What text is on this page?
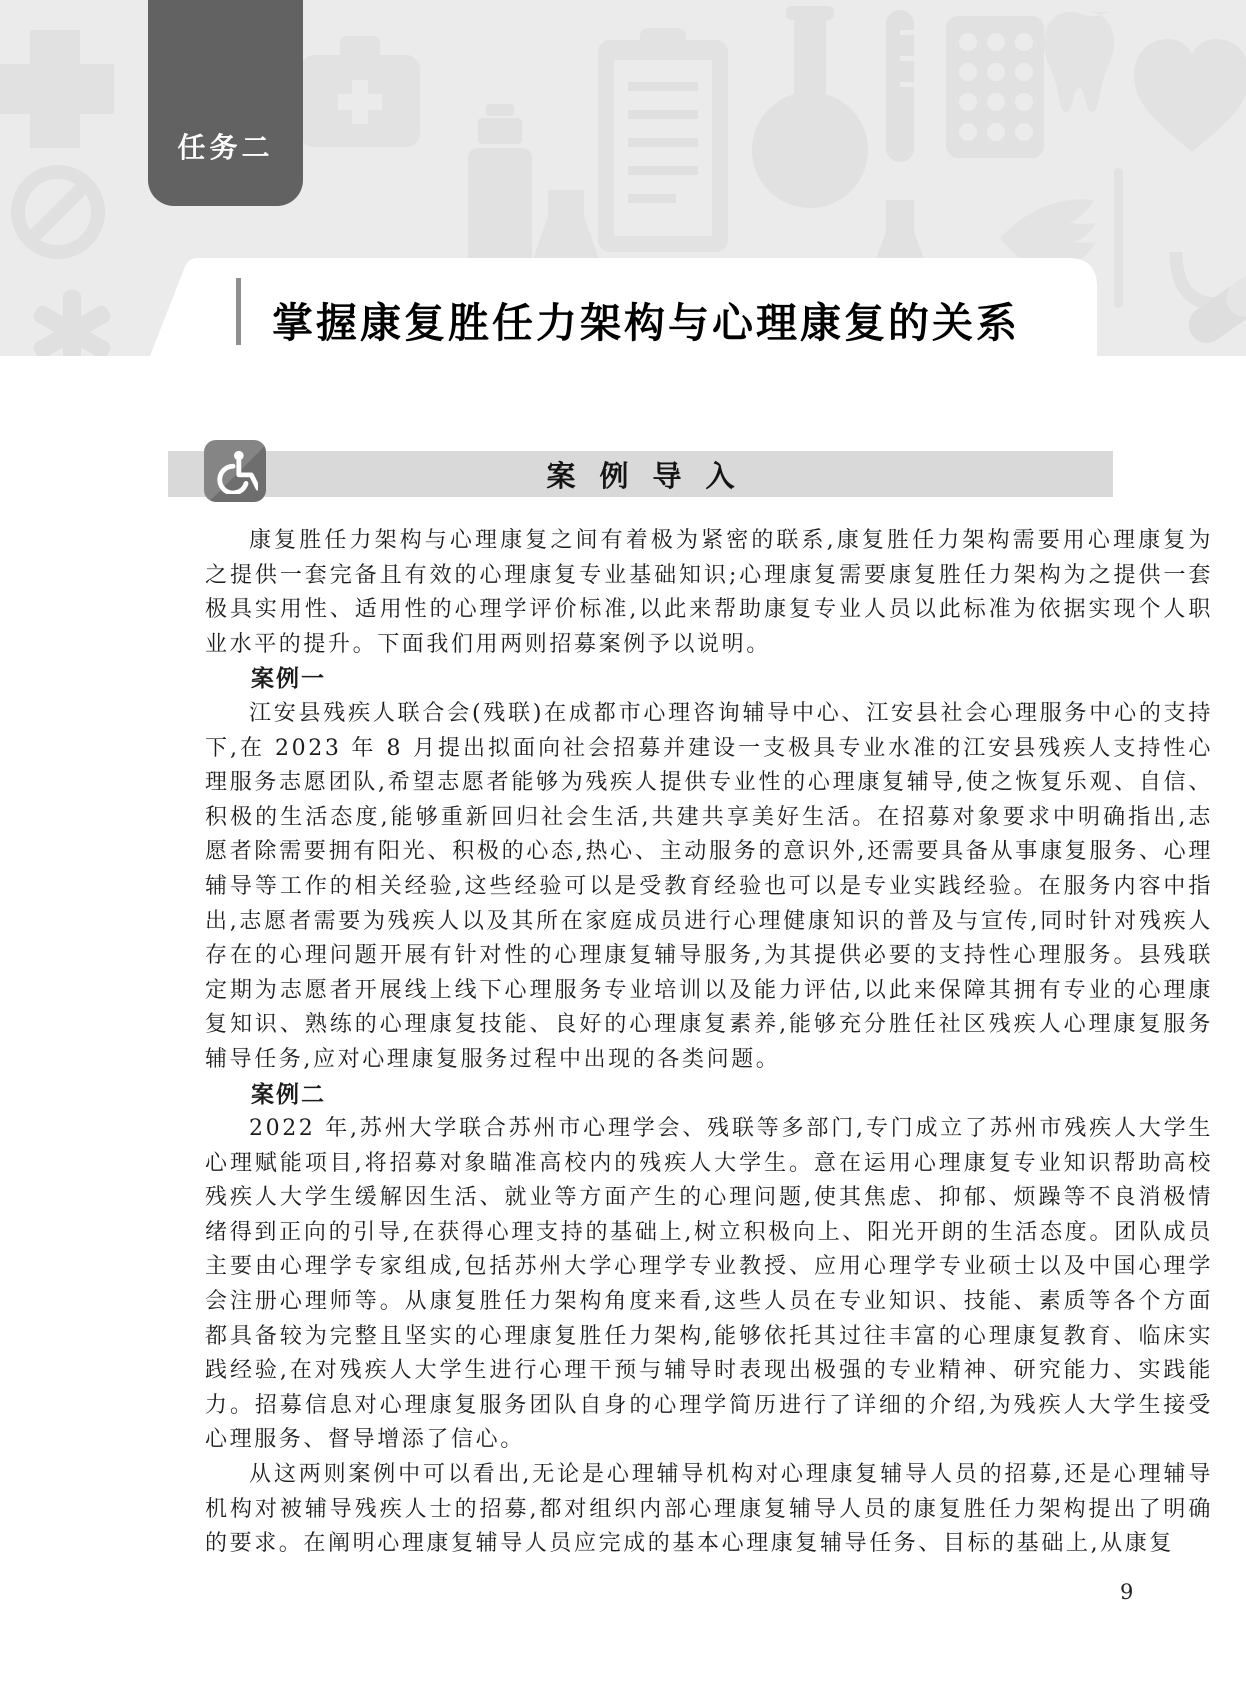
任务二
掌握康复胜任力架构与心理康复的关系
案例导入

康复胜任力架构与心理康复之间有着极为紧密的联系,康复胜任力架构需要用心理康复为之提供一套完备且有效的心理康复专业基础知识;心理康复需要康复胜任力架构为之提供一套极具实用性、适用性的心理学评价标准,以此来帮助康复专业人员以此标准为依据实现个人职业水平的提升。下面我们用两则招募案例予以说明。

案例一

江安县残疾人联合会(残联)在成都市心理咨询辅导中心、江安县社会心理服务中心的支持下,在 2023 年 8 月提出拟面向社会招募并建设一支极具专业水准的江安县残疾人支持性心理服务志愿团队,希望志愿者能够为残疾人提供专业性的心理康复辅导,使之恢复乐观、自信、积极的生活态度,能够重新回归社会生活,共建共享美好生活。在招募对象要求中明确指出,志愿者除需要拥有阳光、积极的心态,热心、主动服务的意识外,还需要具备从事康复服务、心理辅导等工作的相关经验,这些经验可以是受教育经验也可以是专业实践经验。在服务内容中指出,志愿者需要为残疾人以及其所在家庭成员进行心理健康知识的普及与宣传,同时针对残疾人存在的心理问题开展有针对性的心理康复辅导服务,为其提供必要的支持性心理服务。县残联定期为志愿者开展线上线下心理服务专业培训以及能力评估,以此来保障其拥有专业的心理康复知识、熟练的心理康复技能、良好的心理康复素养,能够充分胜任社区残疾人心理康复服务辅导任务,应对心理康复服务过程中出现的各类问题。

案例二

2022 年,苏州大学联合苏州市心理学会、残联等多部门,专门成立了苏州市残疾人大学生心理赋能项目,将招募对象瞄准高校内的残疾人大学生。意在运用心理康复专业知识帮助高校残疾人大学生缓解因生活、就业等方面产生的心理问题,使其焦虑、抑郁、烦躁等不良消极情绪得到正向的引导,在获得心理支持的基础上,树立积极向上、阳光开朗的生活态度。团队成员主要由心理学专家组成,包括苏州大学心理学专业教授、应用心理学专业硕士以及中国心理学会注册心理师等。从康复胜任力架构角度来看,这些人员在专业知识、技能、素质等各个方面都具备较为完整且坚实的心理康复胜任力架构,能够依托其过往丰富的心理康复教育、临床实践经验,在对残疾人大学生进行心理干预与辅导时表现出极强的专业精神、研究能力、实践能力。招募信息对心理康复服务团队自身的心理学简历进行了详细的介绍,为残疾人大学生接受心理服务、督导增添了信心。

从这两则案例中可以看出,无论是心理辅导机构对心理康复辅导人员的招募,还是心理辅导机构对被辅导残疾人士的招募,都对组织内部心理康复辅导人员的康复胜任力架构提出了明确的要求。在阐明心理康复辅导人员应完成的基本心理康复辅导任务、目标的基础上,从康复

9
